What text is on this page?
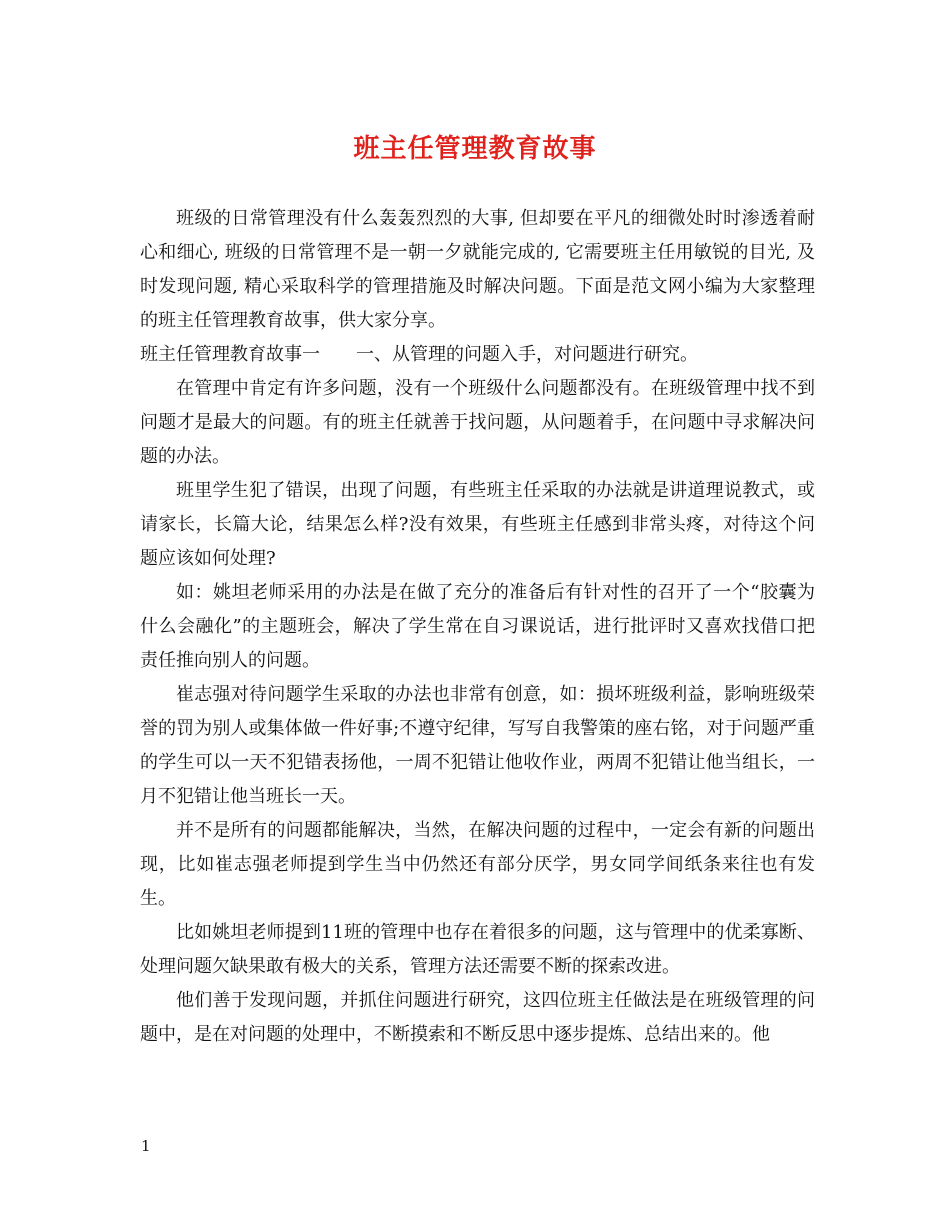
班主任管理教育故事

班级的日常管理没有什么轰轰烈烈的大事, 但却要在平凡的细微处时时渗透着耐心和细心, 班级的日常管理不是一朝一夕就能完成的, 它需要班主任用敏锐的目光, 及时发现问题, 精心采取科学的管理措施及时解决问题。下面是范文网小编为大家整理的班主任管理教育故事，供大家分享。

班主任管理教育故事一　　一、从管理的问题入手，对问题进行研究。

在管理中肯定有许多问题，没有一个班级什么问题都没有。在班级管理中找不到问题才是最大的问题。有的班主任就善于找问题，从问题着手，在问题中寻求解决问题的办法。

班里学生犯了错误，出现了问题，有些班主任采取的办法就是讲道理说教式，或请家长，长篇大论，结果怎么样?没有效果，有些班主任感到非常头疼，对待这个问题应该如何处理?

如：姚坦老师采用的办法是在做了充分的准备后有针对性的召开了一个“胶囊为什么会融化”的主题班会，解决了学生常在自习课说话，进行批评时又喜欢找借口把责任推向别人的问题。

崔志强对待问题学生采取的办法也非常有创意，如：损坏班级利益，影响班级荣誉的罚为别人或集体做一件好事;不遵守纪律，写写自我警策的座右铭，对于问题严重的学生可以一天不犯错表扬他，一周不犯错让他收作业，两周不犯错让他当组长，一月不犯错让他当班长一天。

并不是所有的问题都能解决，当然，在解决问题的过程中，一定会有新的问题出现，比如崔志强老师提到学生当中仍然还有部分厌学，男女同学间纸条来往也有发生。

比如姚坦老师提到11班的管理中也存在着很多的问题，这与管理中的优柔寡断、处理问题欠缺果敢有极大的关系，管理方法还需要不断的探索改进。

他们善于发现问题，并抓住问题进行研究，这四位班主任做法是在班级管理的问题中，是在对问题的处理中，不断摸索和不断反思中逐步提炼、总结出来的。他

1
